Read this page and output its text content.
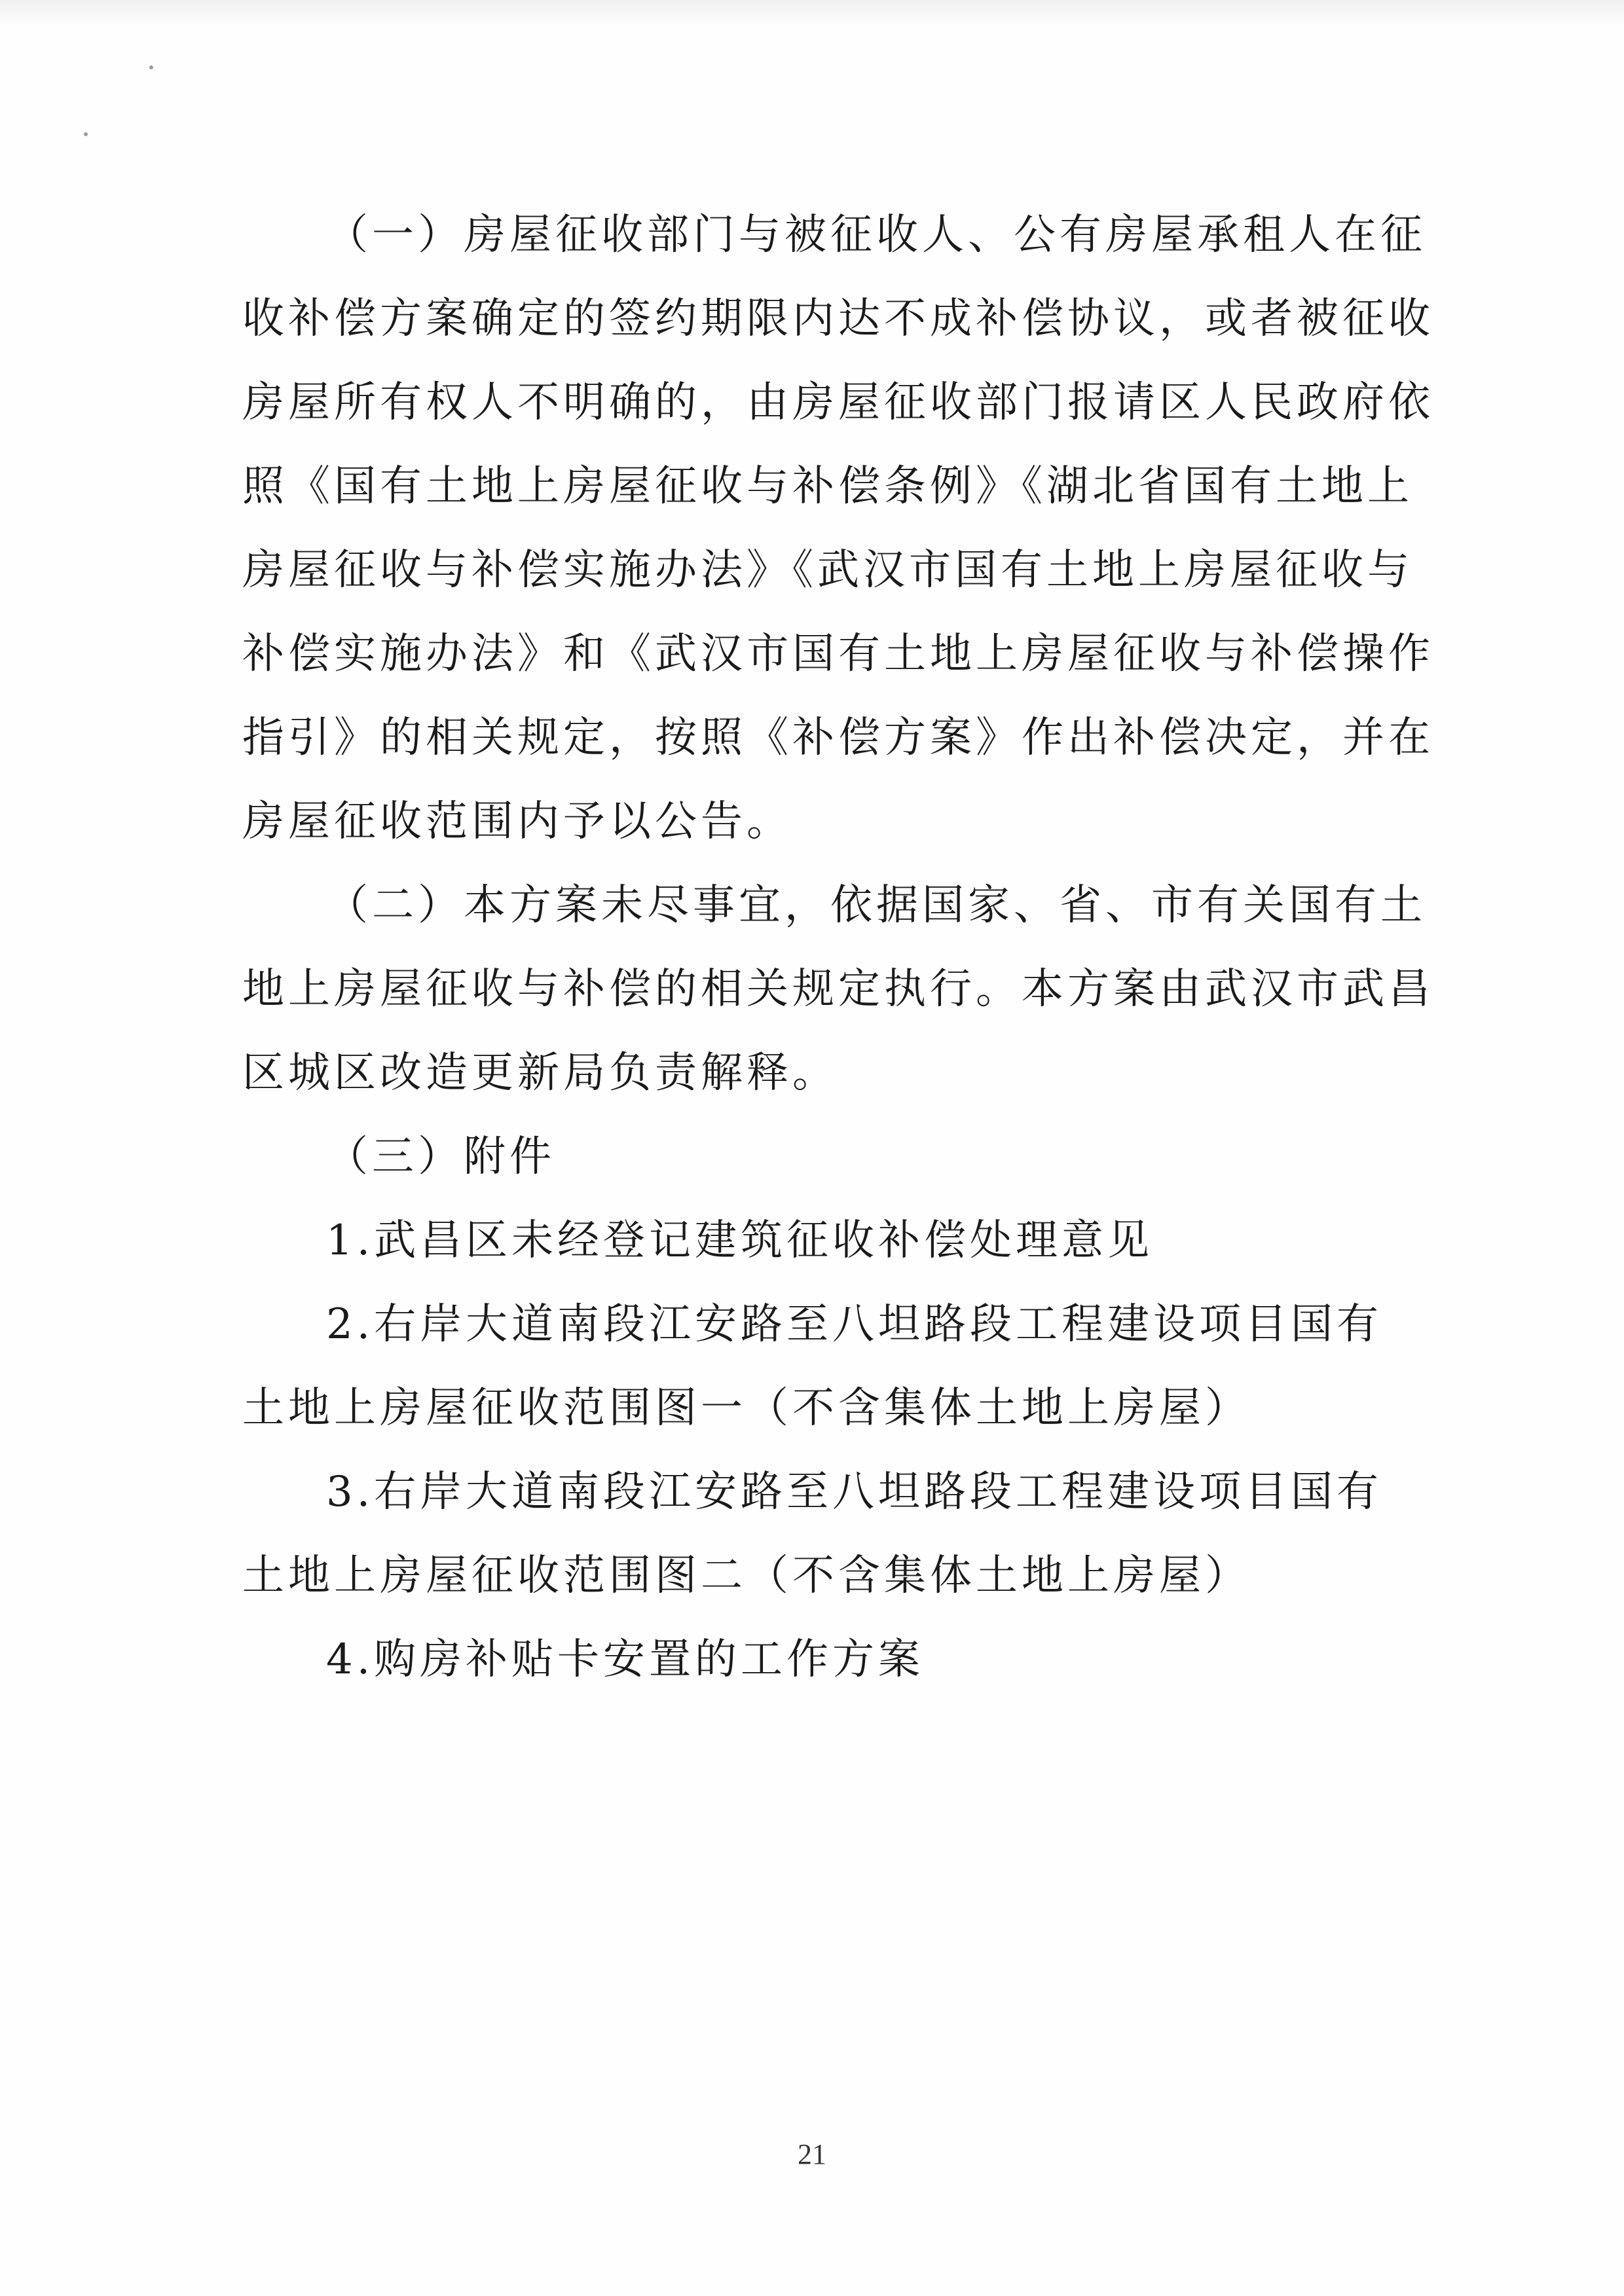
（一）房屋征收部门与被征收人、公有房屋承租人在征
收补偿方案确定的签约期限内达不成补偿协议，或者被征收
房屋所有权人不明确的，由房屋征收部门报请区人民政府依
照《国有土地上房屋征收与补偿条例》《湖北省国有土地上
房屋征收与补偿实施办法》《武汉市国有土地上房屋征收与
补偿实施办法》和《武汉市国有土地上房屋征收与补偿操作
指引》的相关规定，按照《补偿方案》作出补偿决定，并在
房屋征收范围内予以公告。
（二）本方案未尽事宜，依据国家、省、市有关国有土
地上房屋征收与补偿的相关规定执行。本方案由武汉市武昌
区城区改造更新局负责解释。
（三）附件
1.武昌区未经登记建筑征收补偿处理意见
2.右岸大道南段江安路至八坦路段工程建设项目国有
土地上房屋征收范围图一（不含集体土地上房屋）
3.右岸大道南段江安路至八坦路段工程建设项目国有
土地上房屋征收范围图二（不含集体土地上房屋）
4.购房补贴卡安置的工作方案
21
